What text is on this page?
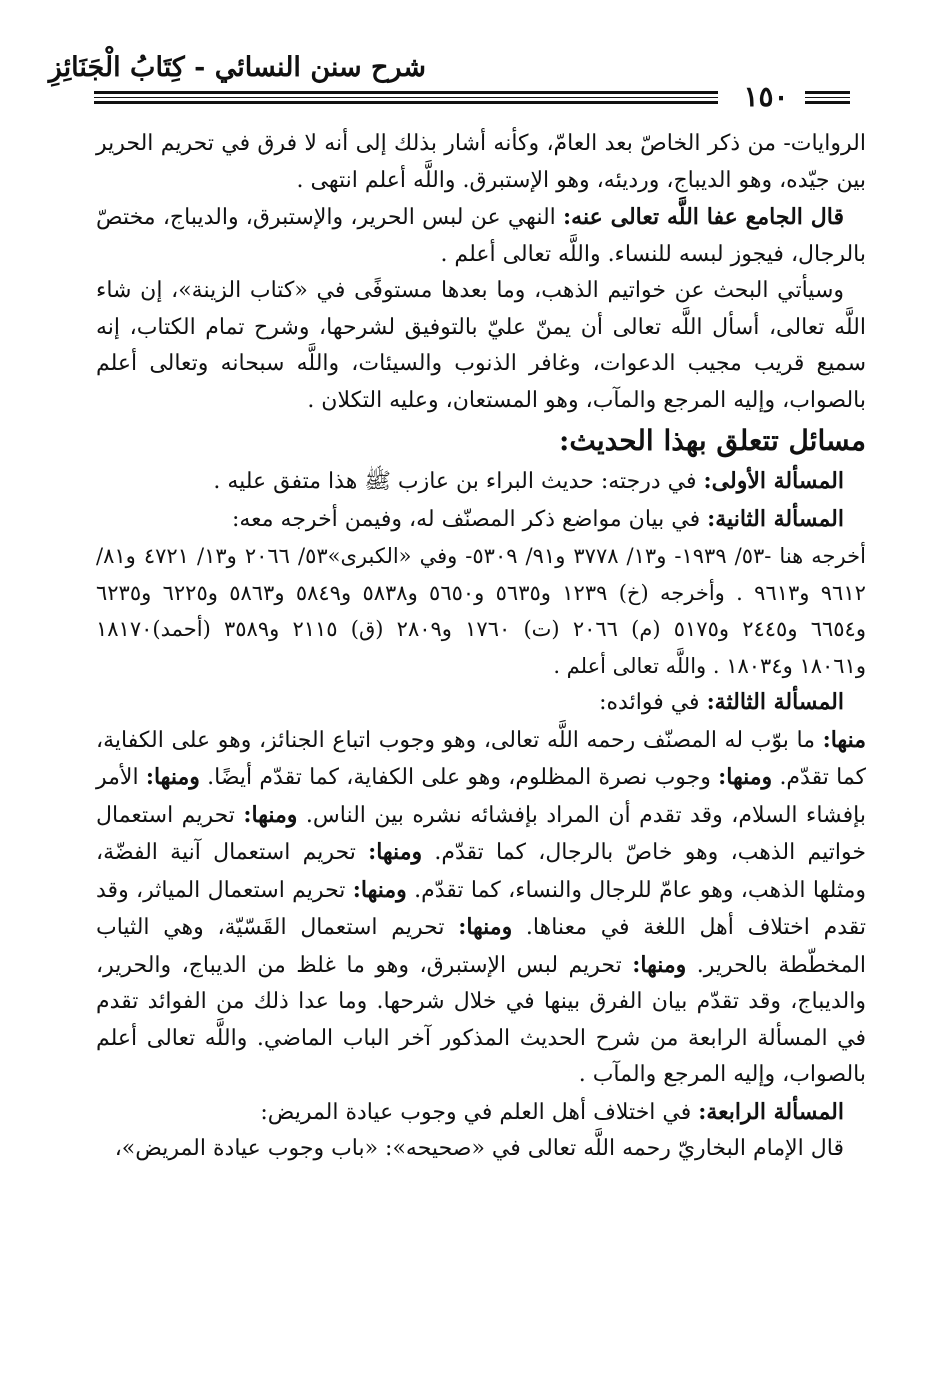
شرح سنن النسائي - كِتَابُ الْجَنَائِزِ
١٥٠

الروايات- من ذكر الخاصّ بعد العامّ، وكأنه أشار بذلك إلى أنه لا فرق في تحريم الحرير بين جيّده، وهو الديباج، ورديئه، وهو الإستبرق. واللَّه أعلم انتهى .

قال الجامع عفا اللَّه تعالى عنه: النهي عن لبس الحرير، والإستبرق، والديباج، مختصّ بالرجال، فيجوز لبسه للنساء. واللَّه تعالى أعلم .

وسيأتي البحث عن خواتيم الذهب، وما بعدها مستوفًى في «كتاب الزينة»، إن شاء اللَّه تعالى، أسأل اللَّه تعالى أن يمنّ عليّ بالتوفيق لشرحها، وشرح تمام الكتاب، إنه سميع قريب مجيب الدعوات، وغافر الذنوب والسيئات، واللَّه سبحانه وتعالى أعلم بالصواب، وإليه المرجع والمآب، وهو المستعان، وعليه التكلان .

مسائل تتعلق بهذا الحديث:

المسألة الأولى: في درجته: حديث البراء بن عازب ﷺ هذا متفق عليه .

المسألة الثانية: في بيان مواضع ذكر المصنّف له، وفيمن أخرجه معه:

أخرجه هنا -٥٣/ ١٩٣٩- و١٣/ ٣٧٧٨ و٩١/ ٥٣٠٩- وفي «الكبرى»٥٣/ ٢٠٦٦ و١٣/ ٤٧٢١ و٨١/ ٩٦١٢ و٩٦١٣ . وأخرجه (خ) ١٢٣٩ و٥٦٣٥ و٥٦٥٠ و٥٨٣٨ و٥٨٤٩ و٥٨٦٣ و٦٢٢٥ و٦٢٣٥ و٦٦٥٤ و٢٤٤٥ و٥١٧٥ (م) ٢٠٦٦ (ت) ١٧٦٠ و٢٨٠٩ (ق) ٢١١٥ و٣٥٨٩ (أحمد)١٨١٧٠ و١٨٠٦١ و١٨٠٣٤ . واللَّه تعالى أعلم .

المسألة الثالثة: في فوائده:

منها: ما بوّب له المصنّف رحمه اللَّه تعالى، وهو وجوب اتباع الجنائز، وهو على الكفاية، كما تقدّم. ومنها: وجوب نصرة المظلوم، وهو على الكفاية، كما تقدّم أيضًا. ومنها: الأمر بإفشاء السلام، وقد تقدم أن المراد بإفشائه نشره بين الناس. ومنها: تحريم استعمال خواتيم الذهب، وهو خاصّ بالرجال، كما تقدّم. ومنها: تحريم استعمال آنية الفضّة، ومثلها الذهب، وهو عامّ للرجال والنساء، كما تقدّم. ومنها: تحريم استعمال المياثر، وقد تقدم اختلاف أهل اللغة في معناها. ومنها: تحريم استعمال القَسّيّة، وهي الثياب المخطّطة بالحرير. ومنها: تحريم لبس الإستبرق، وهو ما غلظ من الديباج، والحرير، والديباج، وقد تقدّم بيان الفرق بينها في خلال شرحها. وما عدا ذلك من الفوائد تقدم في المسألة الرابعة من شرح الحديث المذكور آخر الباب الماضي. واللَّه تعالى أعلم بالصواب، وإليه المرجع والمآب .

المسألة الرابعة: في اختلاف أهل العلم في وجوب عيادة المريض:

قال الإمام البخاريّ رحمه اللَّه تعالى في «صحيحه»: «باب وجوب عيادة المريض»،
